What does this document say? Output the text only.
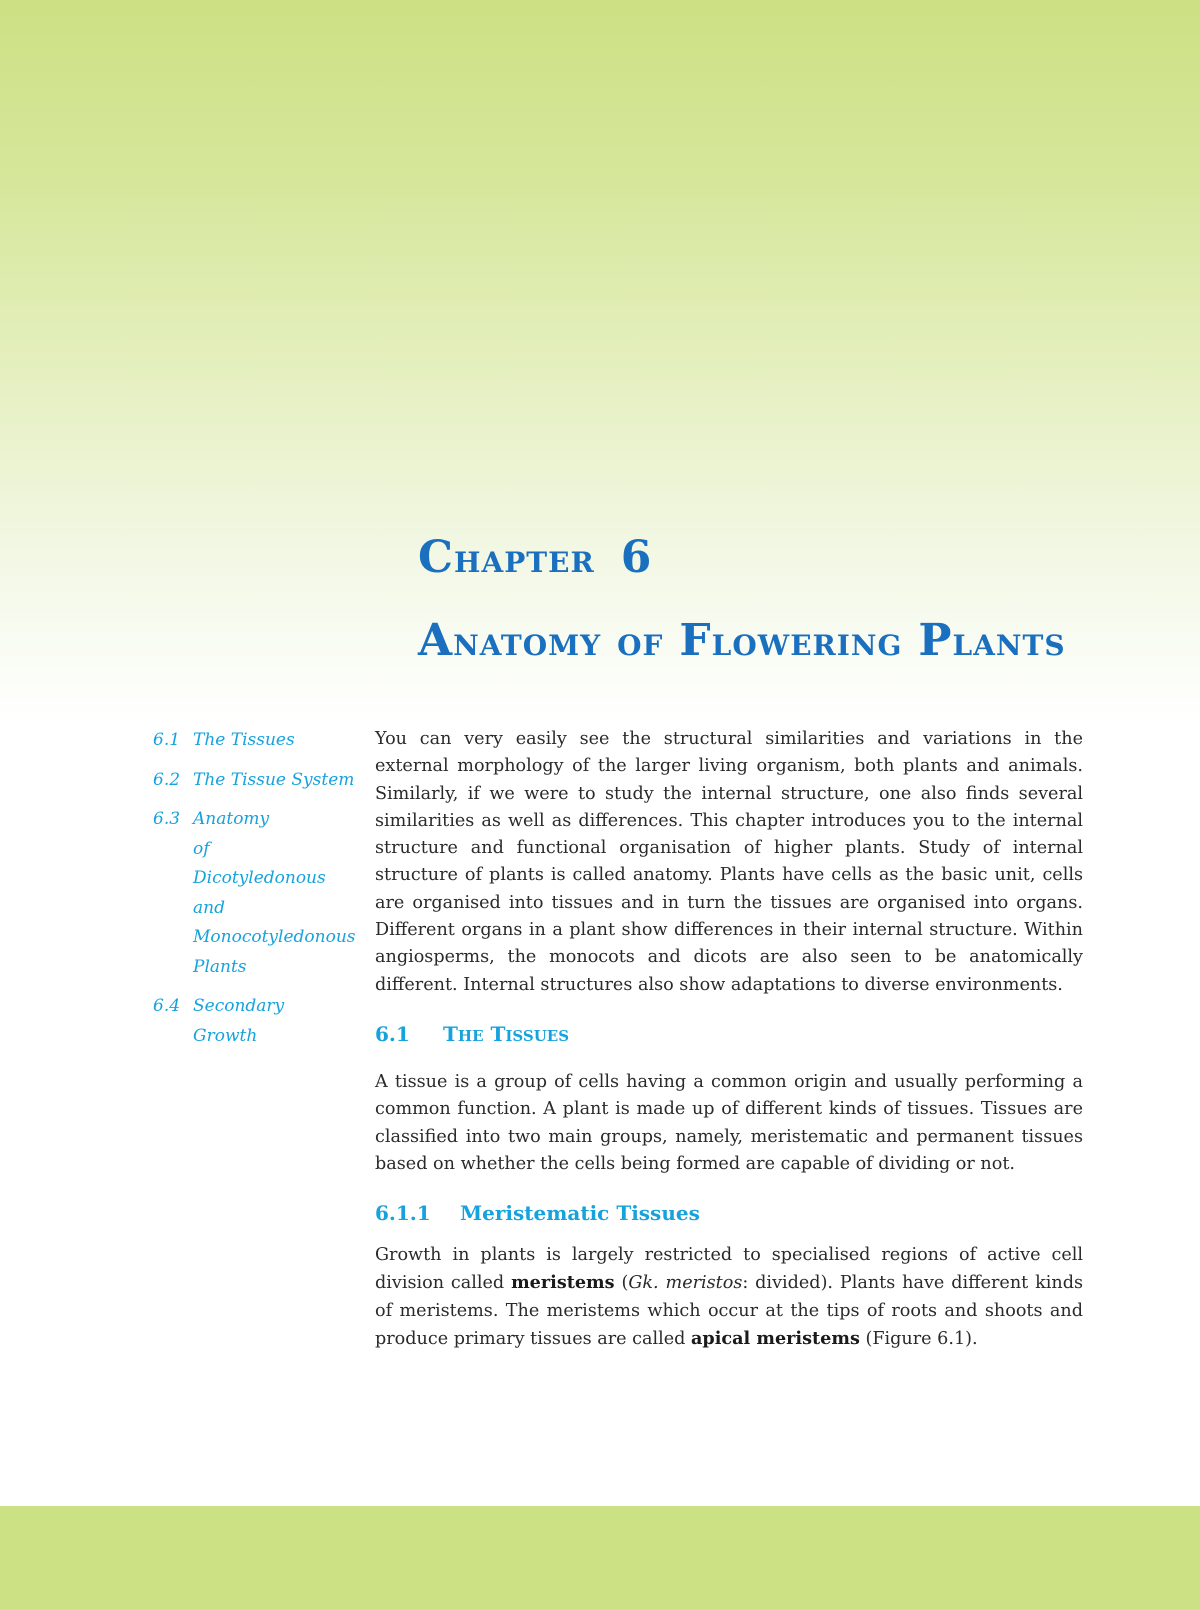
CHAPTER 6
ANATOMY OF FLOWERING PLANTS
6.1 The Tissues
6.2 The Tissue System
6.3 Anatomy of Dicotyledonous and Monocotyledonous Plants
6.4 Secondary Growth

You can very easily see the structural similarities and variations in the external morphology of the larger living organism, both plants and animals. Similarly, if we were to study the internal structure, one also finds several similarities as well as differences. This chapter introduces you to the internal structure and functional organisation of higher plants. Study of internal structure of plants is called anatomy. Plants have cells as the basic unit, cells are organised into tissues and in turn the tissues are organised into organs. Different organs in a plant show differences in their internal structure. Within angiosperms, the monocots and dicots are also seen to be anatomically different. Internal structures also show adaptations to diverse environments.

6.1 THE TISSUES

A tissue is a group of cells having a common origin and usually performing a common function. A plant is made up of different kinds of tissues. Tissues are classified into two main groups, namely, meristematic and permanent tissues based on whether the cells being formed are capable of dividing or not.

6.1.1 Meristematic Tissues

Growth in plants is largely restricted to specialised regions of active cell division called meristems (Gk. meristos: divided). Plants have different kinds of meristems. The meristems which occur at the tips of roots and shoots and produce primary tissues are called apical meristems (Figure 6.1).
